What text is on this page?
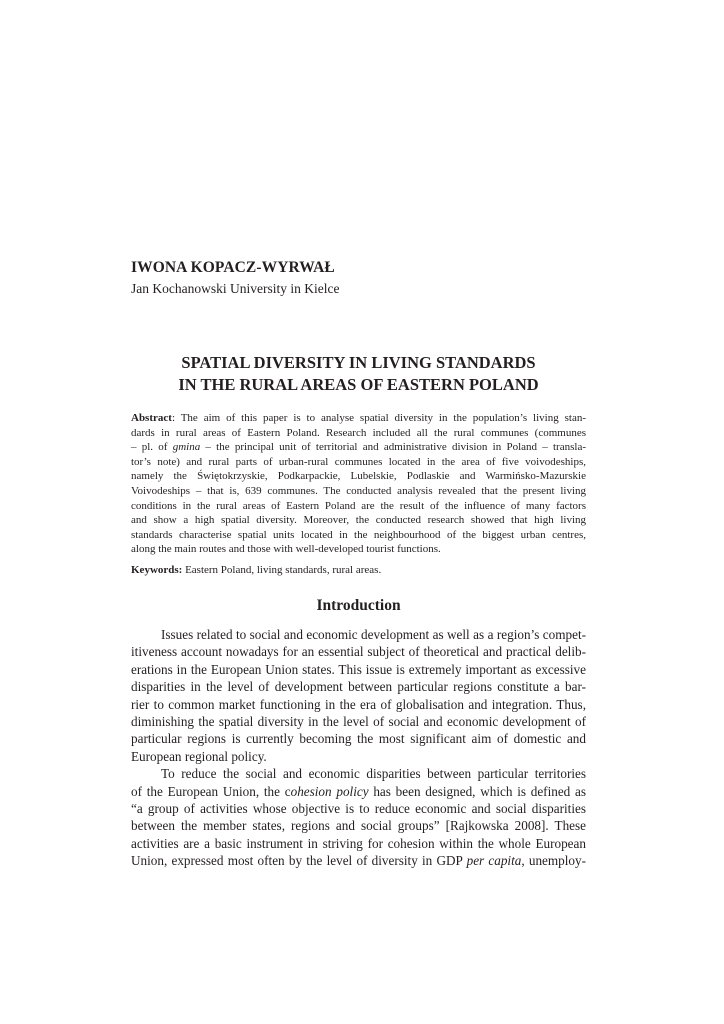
IWONA KOPACZ-WYRWAŁ
Jan Kochanowski University in Kielce
SPATIAL DIVERSITY IN LIVING STANDARDS
IN THE RURAL AREAS OF EASTERN POLAND
Abstract: The aim of this paper is to analyse spatial diversity in the population’s living stan-
dards in rural areas of Eastern Poland. Research included all the rural communes (communes
– pl. of gmina – the principal unit of territorial and administrative division in Poland – transla-
tor’s note) and rural parts of urban-rural communes located in the area of five voivodeships,
namely the Świętokrzyskie, Podkarpackie, Lubelskie, Podlaskie and Warmińsko-Mazurskie
Voivodeships – that is, 639 communes. The conducted analysis revealed that the present living
conditions in the rural areas of Eastern Poland are the result of the influence of many factors
and show a high spatial diversity. Moreover, the conducted research showed that high living
standards characterise spatial units located in the neighbourhood of the biggest urban centres,
along the main routes and those with well-developed tourist functions.
Keywords: Eastern Poland, living standards, rural areas.
Introduction
Issues related to social and economic development as well as a region’s compet-
itiveness account nowadays for an essential subject of theoretical and practical delib-
erations in the European Union states. This issue is extremely important as excessive
disparities in the level of development between particular regions constitute a bar-
rier to common market functioning in the era of globalisation and integration. Thus,
diminishing the spatial diversity in the level of social and economic development of
particular regions is currently becoming the most significant aim of domestic and
European regional policy.
To reduce the social and economic disparities between particular territories
of the European Union, the cohesion policy has been designed, which is defined as
“a group of activities whose objective is to reduce economic and social disparities
between the member states, regions and social groups” [Rajkowska 2008]. These
activities are a basic instrument in striving for cohesion within the whole European
Union, expressed most often by the level of diversity in GDP per capita, unemploy-
